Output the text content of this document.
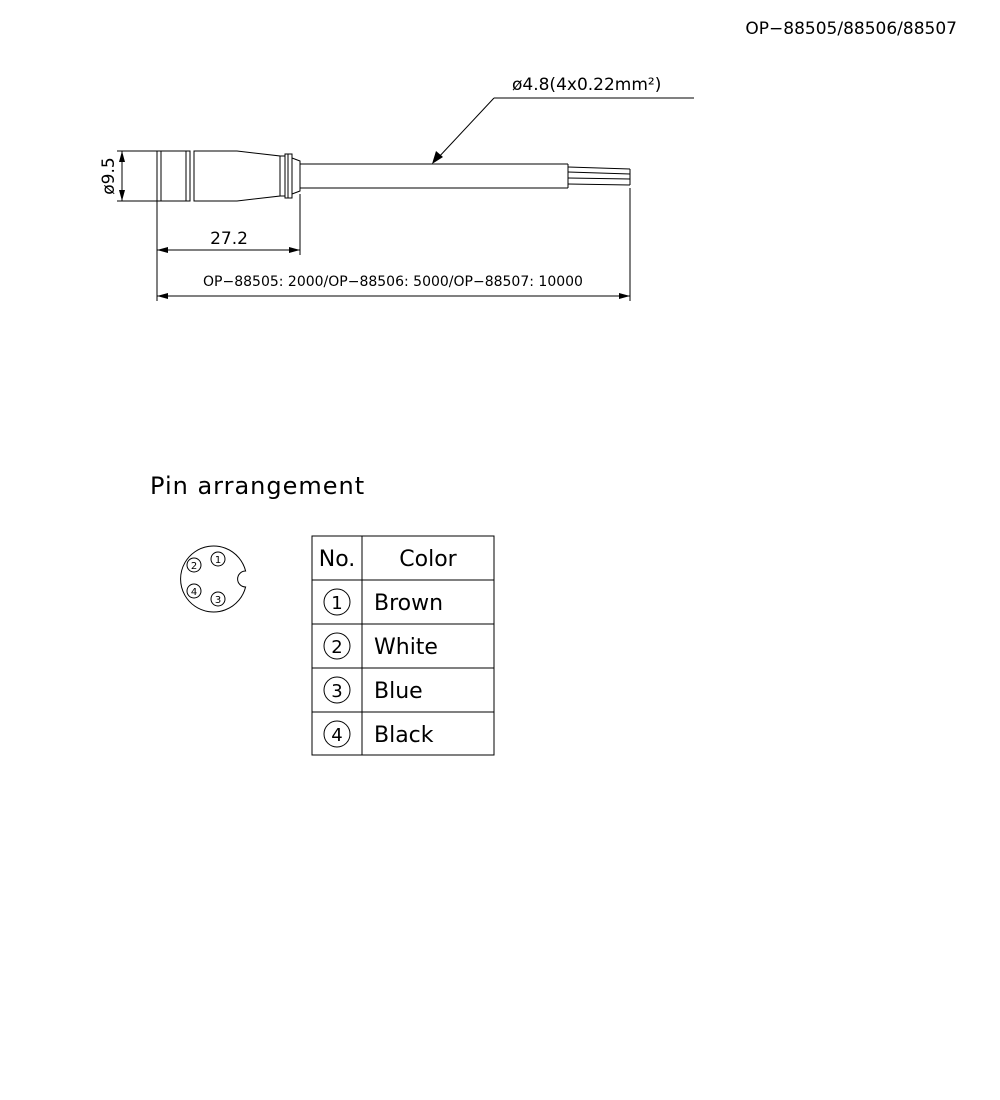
OP−88505/88506/88507
ø4.8(4x0.22mm²)
ø9.5
27.2
OP−88505: 2000/OP−88506: 5000/OP−88507: 10000
Pin arrangement
1
2
3
4
No. Color
1 Brown
2 White
3 Blue
4 Black
